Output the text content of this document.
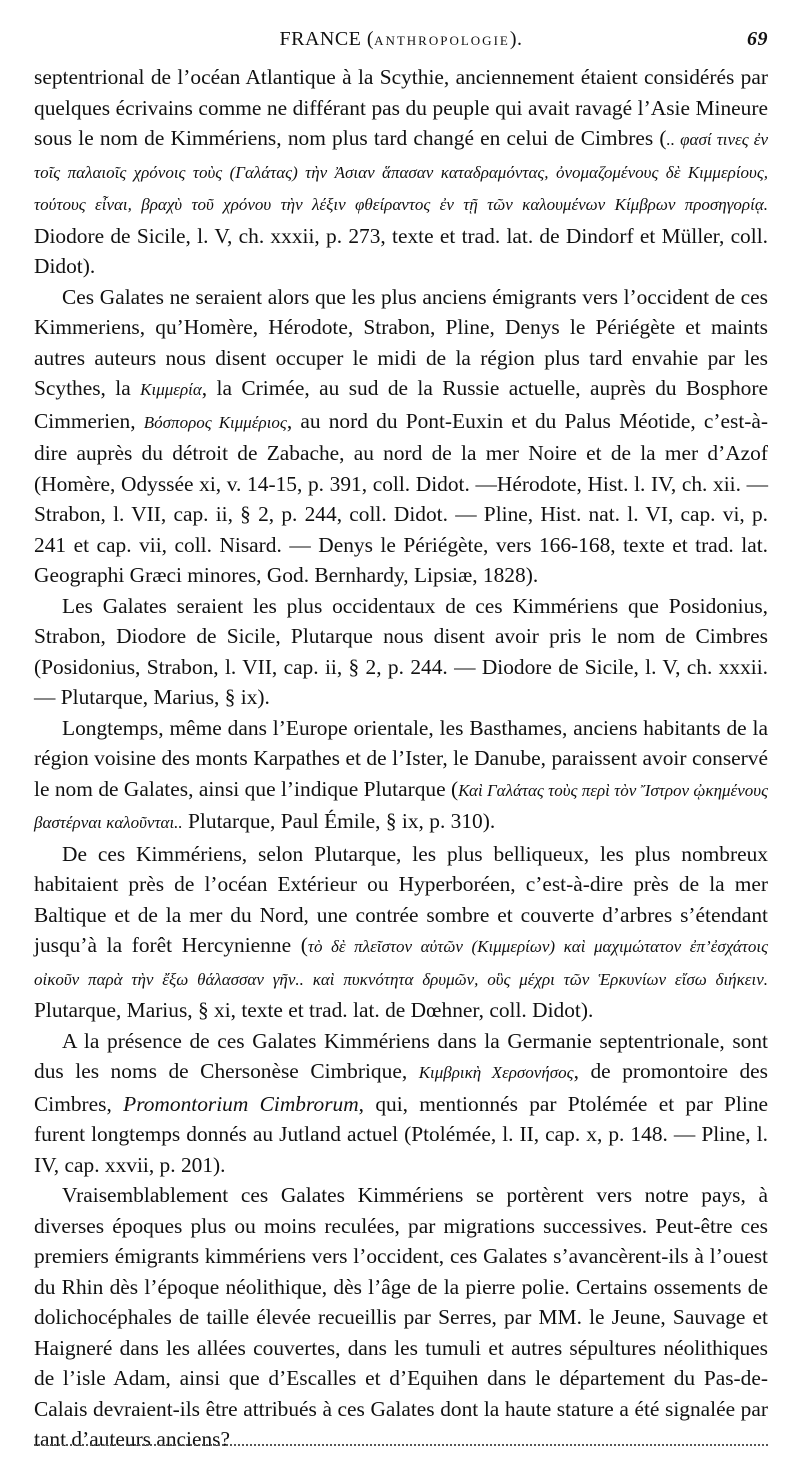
FRANCE (ANTHROPOLOGIE).	69

septentrional de l’océan Atlantique à la Scythie, anciennement étaient considérés par quelques écrivains comme ne différant pas du peuple qui avait ravagé l’Asie Mineure sous le nom de Kimmériens, nom plus tard changé en celui de Cimbres (.. φασί τινες ἐν τοῖς παλαιοῖς χρόνοις τοὺς (Γαλάτας) τὴν Ἀσιαν ἅπασαν καταδραμόντας, ὀνομαζομένους δὲ Κιμμερίους, τούτους εἶναι, βραχὺ τοῦ χρόνου τὴν λέξιν φθείραντος ἐν τῇ τῶν καλουμένων Κίμβρων προσηγορίᾳ. Diodore de Sicile, l. V, ch. xxxii, p. 273, texte et trad. lat. de Dindorf et Müller, coll. Didot).

Ces Galates ne seraient alors que les plus anciens émigrants vers l’occident de ces Kimmeriens, qu’Homère, Hérodote, Strabon, Pline, Denys le Périégète et maints autres auteurs nous disent occuper le midi de la région plus tard envahie par les Scythes, la Κιμμερία, la Crimée, au sud de la Russie actuelle, auprès du Bosphore Cimmerien, Βόσπορος Κιμμέριος, au nord du Pont-Euxin et du Palus Méotide, c’est-à-dire auprès du détroit de Zabache, au nord de la mer Noire et de la mer d’Azof (Homère, Odyssée xi, v. 14-15, p. 391, coll. Didot. —Hérodote, Hist. l. IV, ch. xii. —Strabon, l. VII, cap. ii, § 2, p. 244, coll. Didot. — Pline, Hist. nat. l. VI, cap. vi, p. 241 et cap. vii, coll. Nisard. — Denys le Périégète, vers 166-168, texte et trad. lat. Geographi Græci minores, God. Bernhardy, Lipsiæ, 1828).

Les Galates seraient les plus occidentaux de ces Kimmériens que Posidonius, Strabon, Diodore de Sicile, Plutarque nous disent avoir pris le nom de Cimbres (Posidonius, Strabon, l. VII, cap. ii, § 2, p. 244. — Diodore de Sicile, l. V, ch. xxxii. — Plutarque, Marius, § ix).

Longtemps, même dans l’Europe orientale, les Basthames, anciens habitants de la région voisine des monts Karpathes et de l’Ister, le Danube, paraissent avoir conservé le nom de Galates, ainsi que l’indique Plutarque (Καὶ Γαλάτας τοὺς περὶ τὸν Ἴστρον ᾠκημένους βαστέρναι καλοῦνται.. Plutarque, Paul Émile, § ix, p. 310).

De ces Kimmériens, selon Plutarque, les plus belliqueux, les plus nombreux habitaient près de l’océan Extérieur ou Hyperboréen, c’est-à-dire près de la mer Baltique et de la mer du Nord, une contrée sombre et couverte d’arbres s’étendant jusqu’à la forêt Hercynienne (τὸ δὲ πλεῖστον αὐτῶν (Κιμμερίων) καὶ μαχιμώτατον ἐπ’ἐσχάτοις οἰκοῦν παρὰ τὴν ἔξω θάλασσαν γῆν.. καὶ πυκνότητα δρυμῶν, οὓς μέχρι τῶν Ἑρκυνίων εἴσω διήκειν. Plutarque, Marius, § xi, texte et trad. lat. de Dœhner, coll. Didot).

A la présence de ces Galates Kimmériens dans la Germanie septentrionale, sont dus les noms de Chersonèse Cimbrique, Κιμβρικὴ Χερσονήσος, de promontoire des Cimbres, Promontorium Cimbrorum, qui, mentionnés par Ptolémée et par Pline furent longtemps donnés au Jutland actuel (Ptolémée, l. II, cap. x, p. 148. — Pline, l. IV, cap. xxvii, p. 201).

Vraisemblablement ces Galates Kimmériens se portèrent vers notre pays, à diverses époques plus ou moins reculées, par migrations successives. Peut-être ces premiers émigrants kimmériens vers l’occident, ces Galates s’avancèrent-ils à l’ouest du Rhin dès l’époque néolithique, dès l’âge de la pierre polie. Certains ossements de dolichocéphales de taille élevée recueillis par Serres, par MM. le Jeune, Sauvage et Haigneré dans les allées couvertes, dans les tumuli et autres sépultures néolithiques de l’isle Adam, ainsi que d’Escalles et d’Equihen dans le département du Pas-de-Calais devraient-ils être attribués à ces Galates dont la haute stature a été signalée par tant d’auteurs anciens?
